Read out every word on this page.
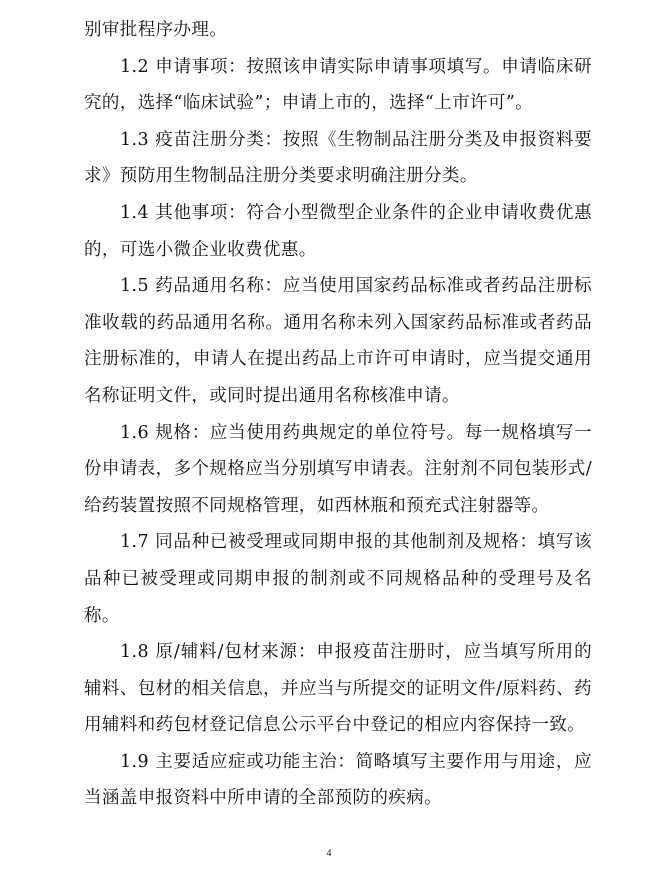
别审批程序办理。

1.2 申请事项：按照该申请实际申请事项填写。申请临床研究的，选择“临床试验”；申请上市的，选择“上市许可”。

1.3 疫苗注册分类：按照《生物制品注册分类及申报资料要求》预防用生物制品注册分类要求明确注册分类。

1.4 其他事项：符合小型微型企业条件的企业申请收费优惠的，可选小微企业收费优惠。

1.5 药品通用名称：应当使用国家药品标准或者药品注册标准收载的药品通用名称。通用名称未列入国家药品标准或者药品注册标准的，申请人在提出药品上市许可申请时，应当提交通用名称证明文件，或同时提出通用名称核准申请。

1.6 规格：应当使用药典规定的单位符号。每一规格填写一份申请表，多个规格应当分别填写申请表。注射剂不同包装形式/给药装置按照不同规格管理，如西林瓶和预充式注射器等。

1.7 同品种已被受理或同期申报的其他制剂及规格：填写该品种已被受理或同期申报的制剂或不同规格品种的受理号及名称。

1.8 原/辅料/包材来源：申报疫苗注册时，应当填写所用的辅料、包材的相关信息，并应当与所提交的证明文件/原料药、药用辅料和药包材登记信息公示平台中登记的相应内容保持一致。

1.9 主要适应症或功能主治：简略填写主要作用与用途，应当涵盖申报资料中所申请的全部预防的疾病。

4
